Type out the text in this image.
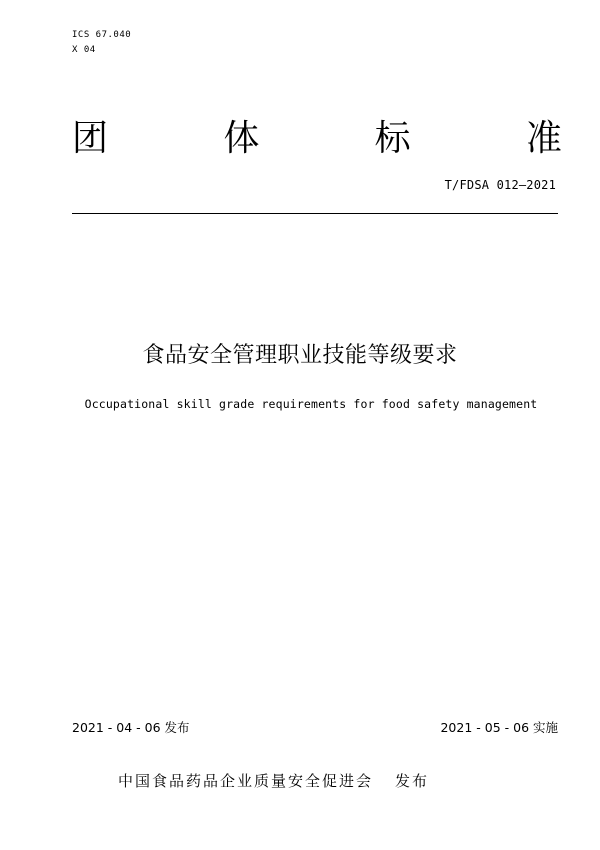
ICS 67.040
X 04
团	体	标	准
T/FDSA 012—2021
食品安全管理职业技能等级要求
Occupational skill grade requirements for food safety management
2021 - 04 - 06 发布	2021 - 05 - 06 实施
中国食品药品企业质量安全促进会 发布
